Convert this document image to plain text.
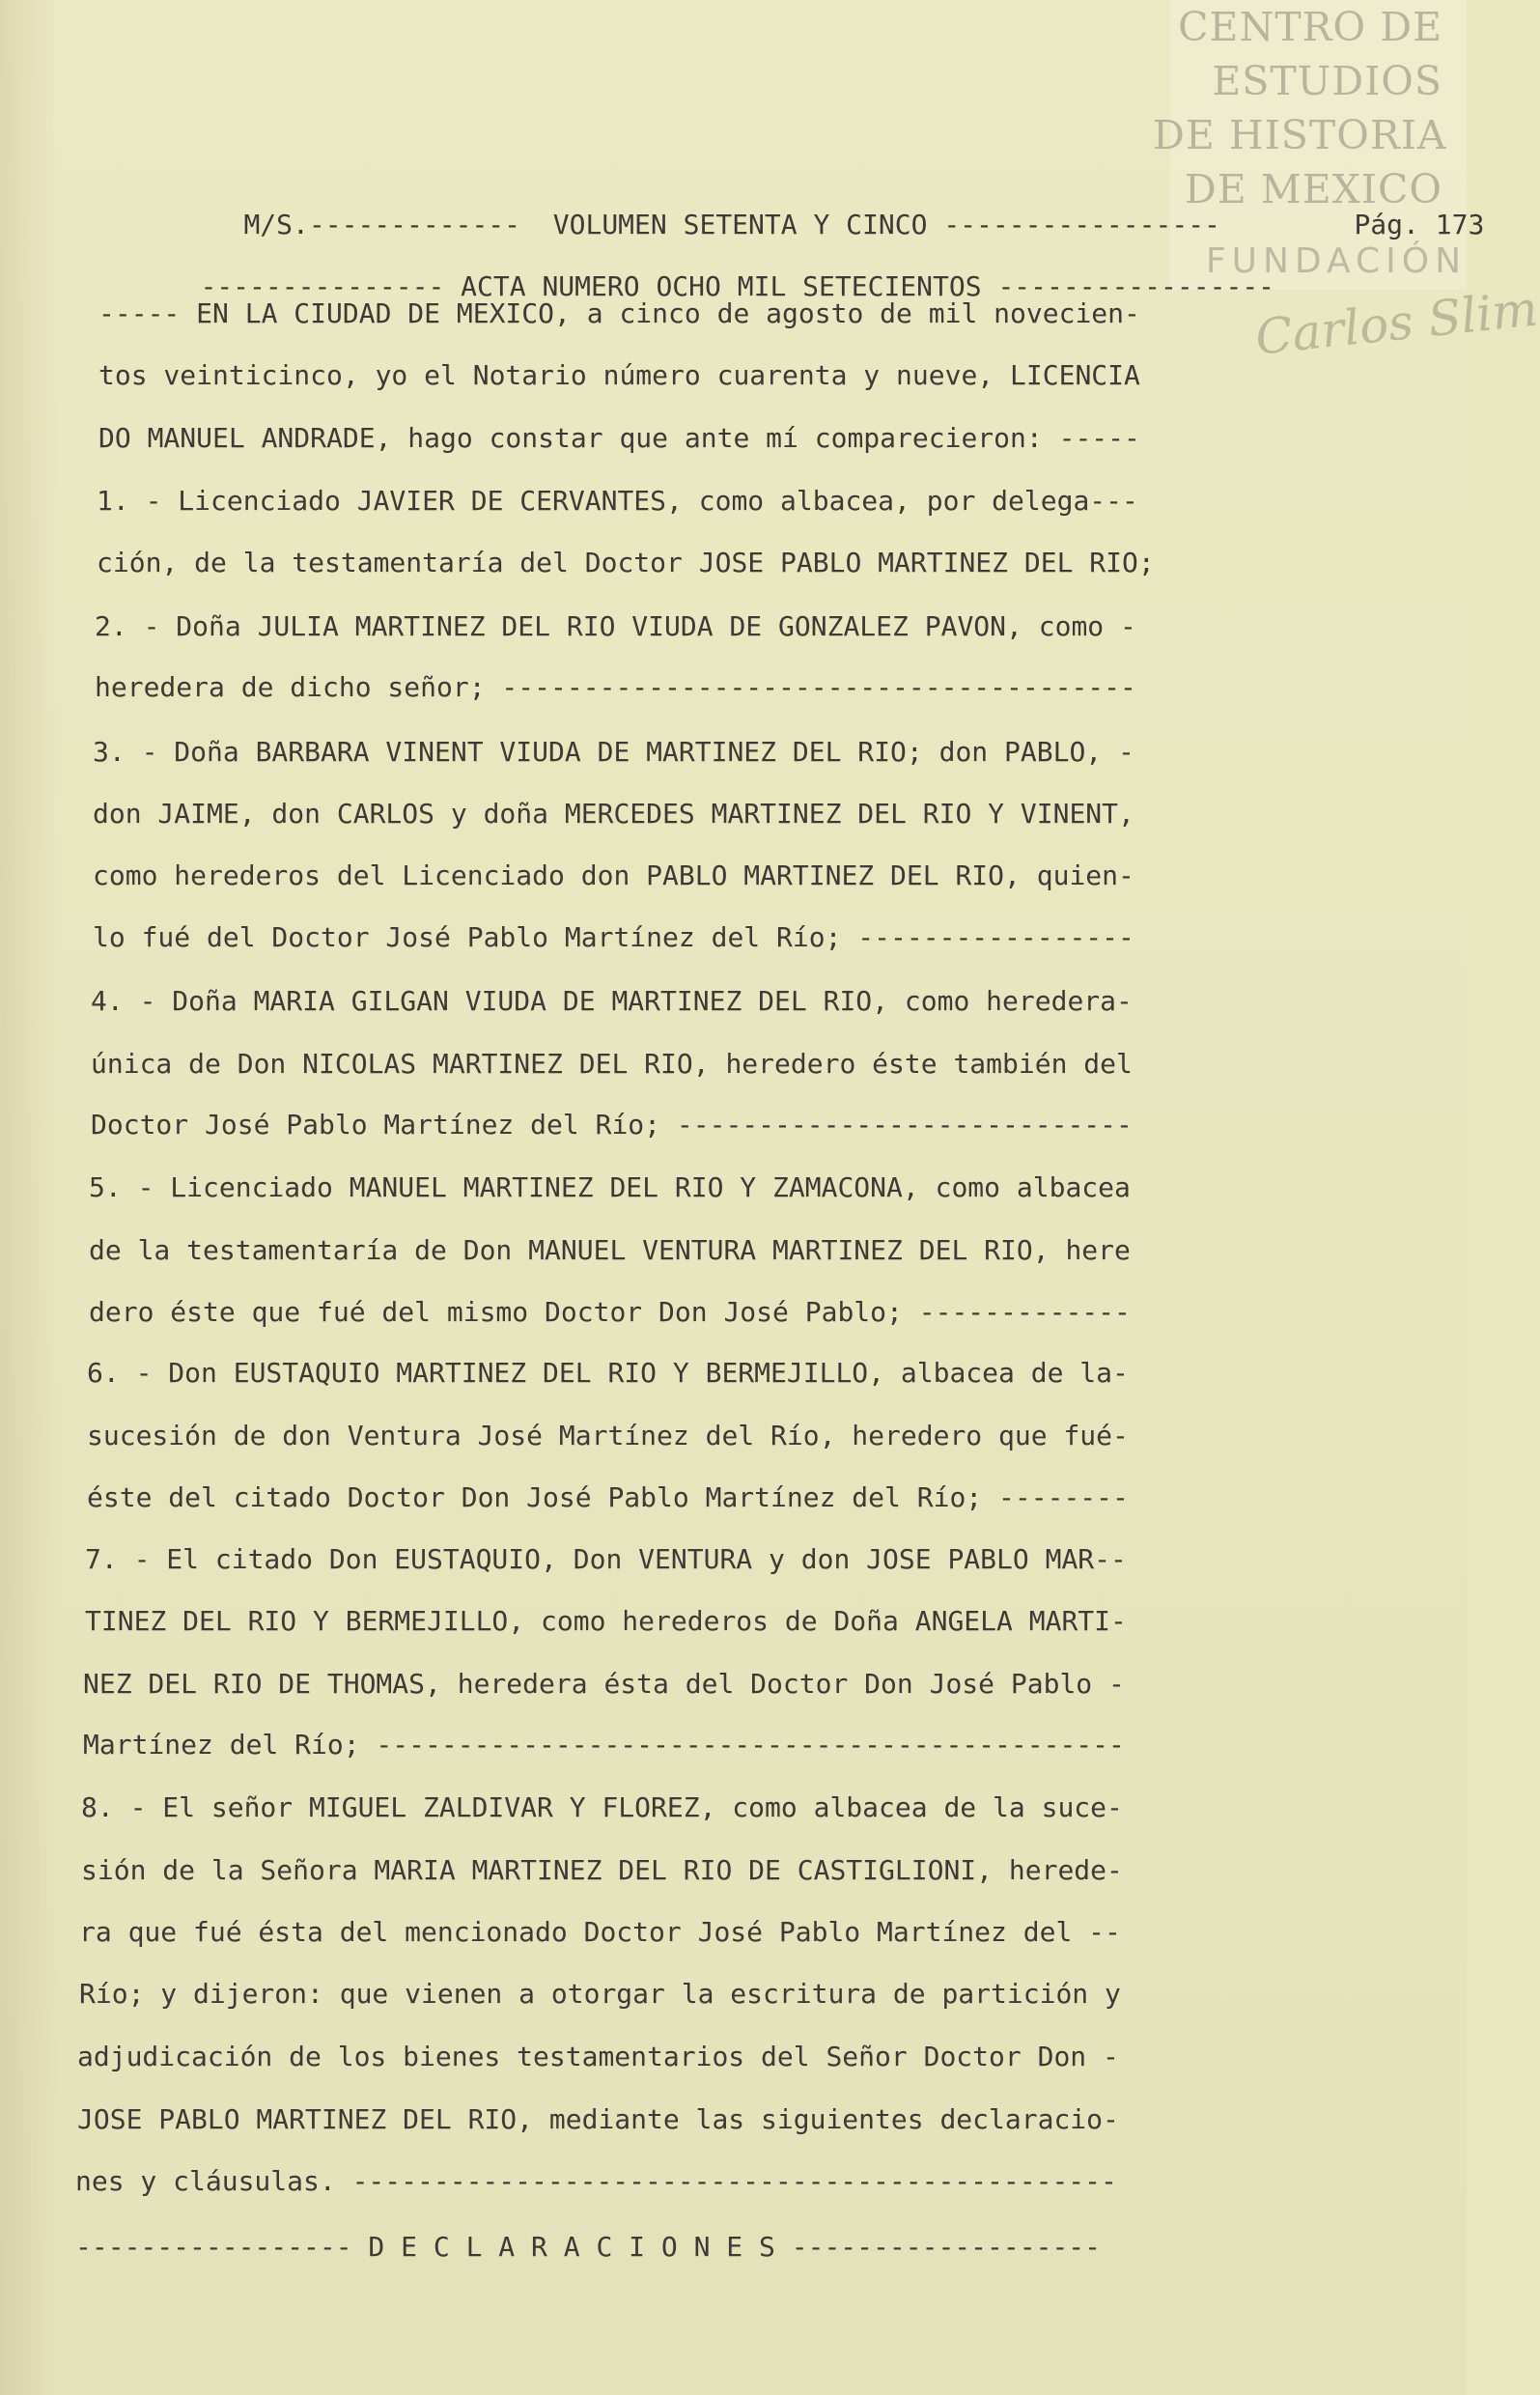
CENTRO DE
ESTUDIOS
DE HISTORIA
DE MEXICO
FUNDACIÓN
Carlos Slim

M/S.-------------  VOLUMEN SETENTA Y CINCO -----------------
	Pág. 173

--------------- ACTA NUMERO OCHO MIL SETECIENTOS -----------------

----- EN LA CIUDAD DE MEXICO, a cinco de agosto de mil novecien-
tos veinticinco, yo el Notario número cuarenta y nueve, LICENCIA
DO MANUEL ANDRADE, hago constar que ante mí comparecieron: -----
1. - Licenciado JAVIER DE CERVANTES, como albacea, por delega---
ción, de la testamentaría del Doctor JOSE PABLO MARTINEZ DEL RIO;
2. - Doña JULIA MARTINEZ DEL RIO VIUDA DE GONZALEZ PAVON, como -
heredera de dicho señor; ---------------------------------------
3. - Doña BARBARA VINENT VIUDA DE MARTINEZ DEL RIO; don PABLO, -
don JAIME, don CARLOS y doña MERCEDES MARTINEZ DEL RIO Y VINENT,
como herederos del Licenciado don PABLO MARTINEZ DEL RIO, quien-
lo fué del Doctor José Pablo Martínez del Río; -----------------
4. - Doña MARIA GILGAN VIUDA DE MARTINEZ DEL RIO, como heredera-
única de Don NICOLAS MARTINEZ DEL RIO, heredero éste también del
Doctor José Pablo Martínez del Río; ----------------------------
5. - Licenciado MANUEL MARTINEZ DEL RIO Y ZAMACONA, como albacea
de la testamentaría de Don MANUEL VENTURA MARTINEZ DEL RIO, here
dero éste que fué del mismo Doctor Don José Pablo; -------------
6. - Don EUSTAQUIO MARTINEZ DEL RIO Y BERMEJILLO, albacea de la-
sucesión de don Ventura José Martínez del Río, heredero que fué-
éste del citado Doctor Don José Pablo Martínez del Río; --------
7. - El citado Don EUSTAQUIO, Don VENTURA y don JOSE PABLO MAR--
TINEZ DEL RIO Y BERMEJILLO, como herederos de Doña ANGELA MARTI-
NEZ DEL RIO DE THOMAS, heredera ésta del Doctor Don José Pablo -
Martínez del Río; ----------------------------------------------
8. - El señor MIGUEL ZALDIVAR Y FLOREZ, como albacea de la suce-
sión de la Señora MARIA MARTINEZ DEL RIO DE CASTIGLIONI, herede-
ra que fué ésta del mencionado Doctor José Pablo Martínez del --
Río; y dijeron: que vienen a otorgar la escritura de partición y
adjudicación de los bienes testamentarios del Señor Doctor Don -
JOSE PABLO MARTINEZ DEL RIO, mediante las siguientes declaracio-
nes y cláusulas. -----------------------------------------------
----------------- D E C L A R A C I O N E S -------------------
